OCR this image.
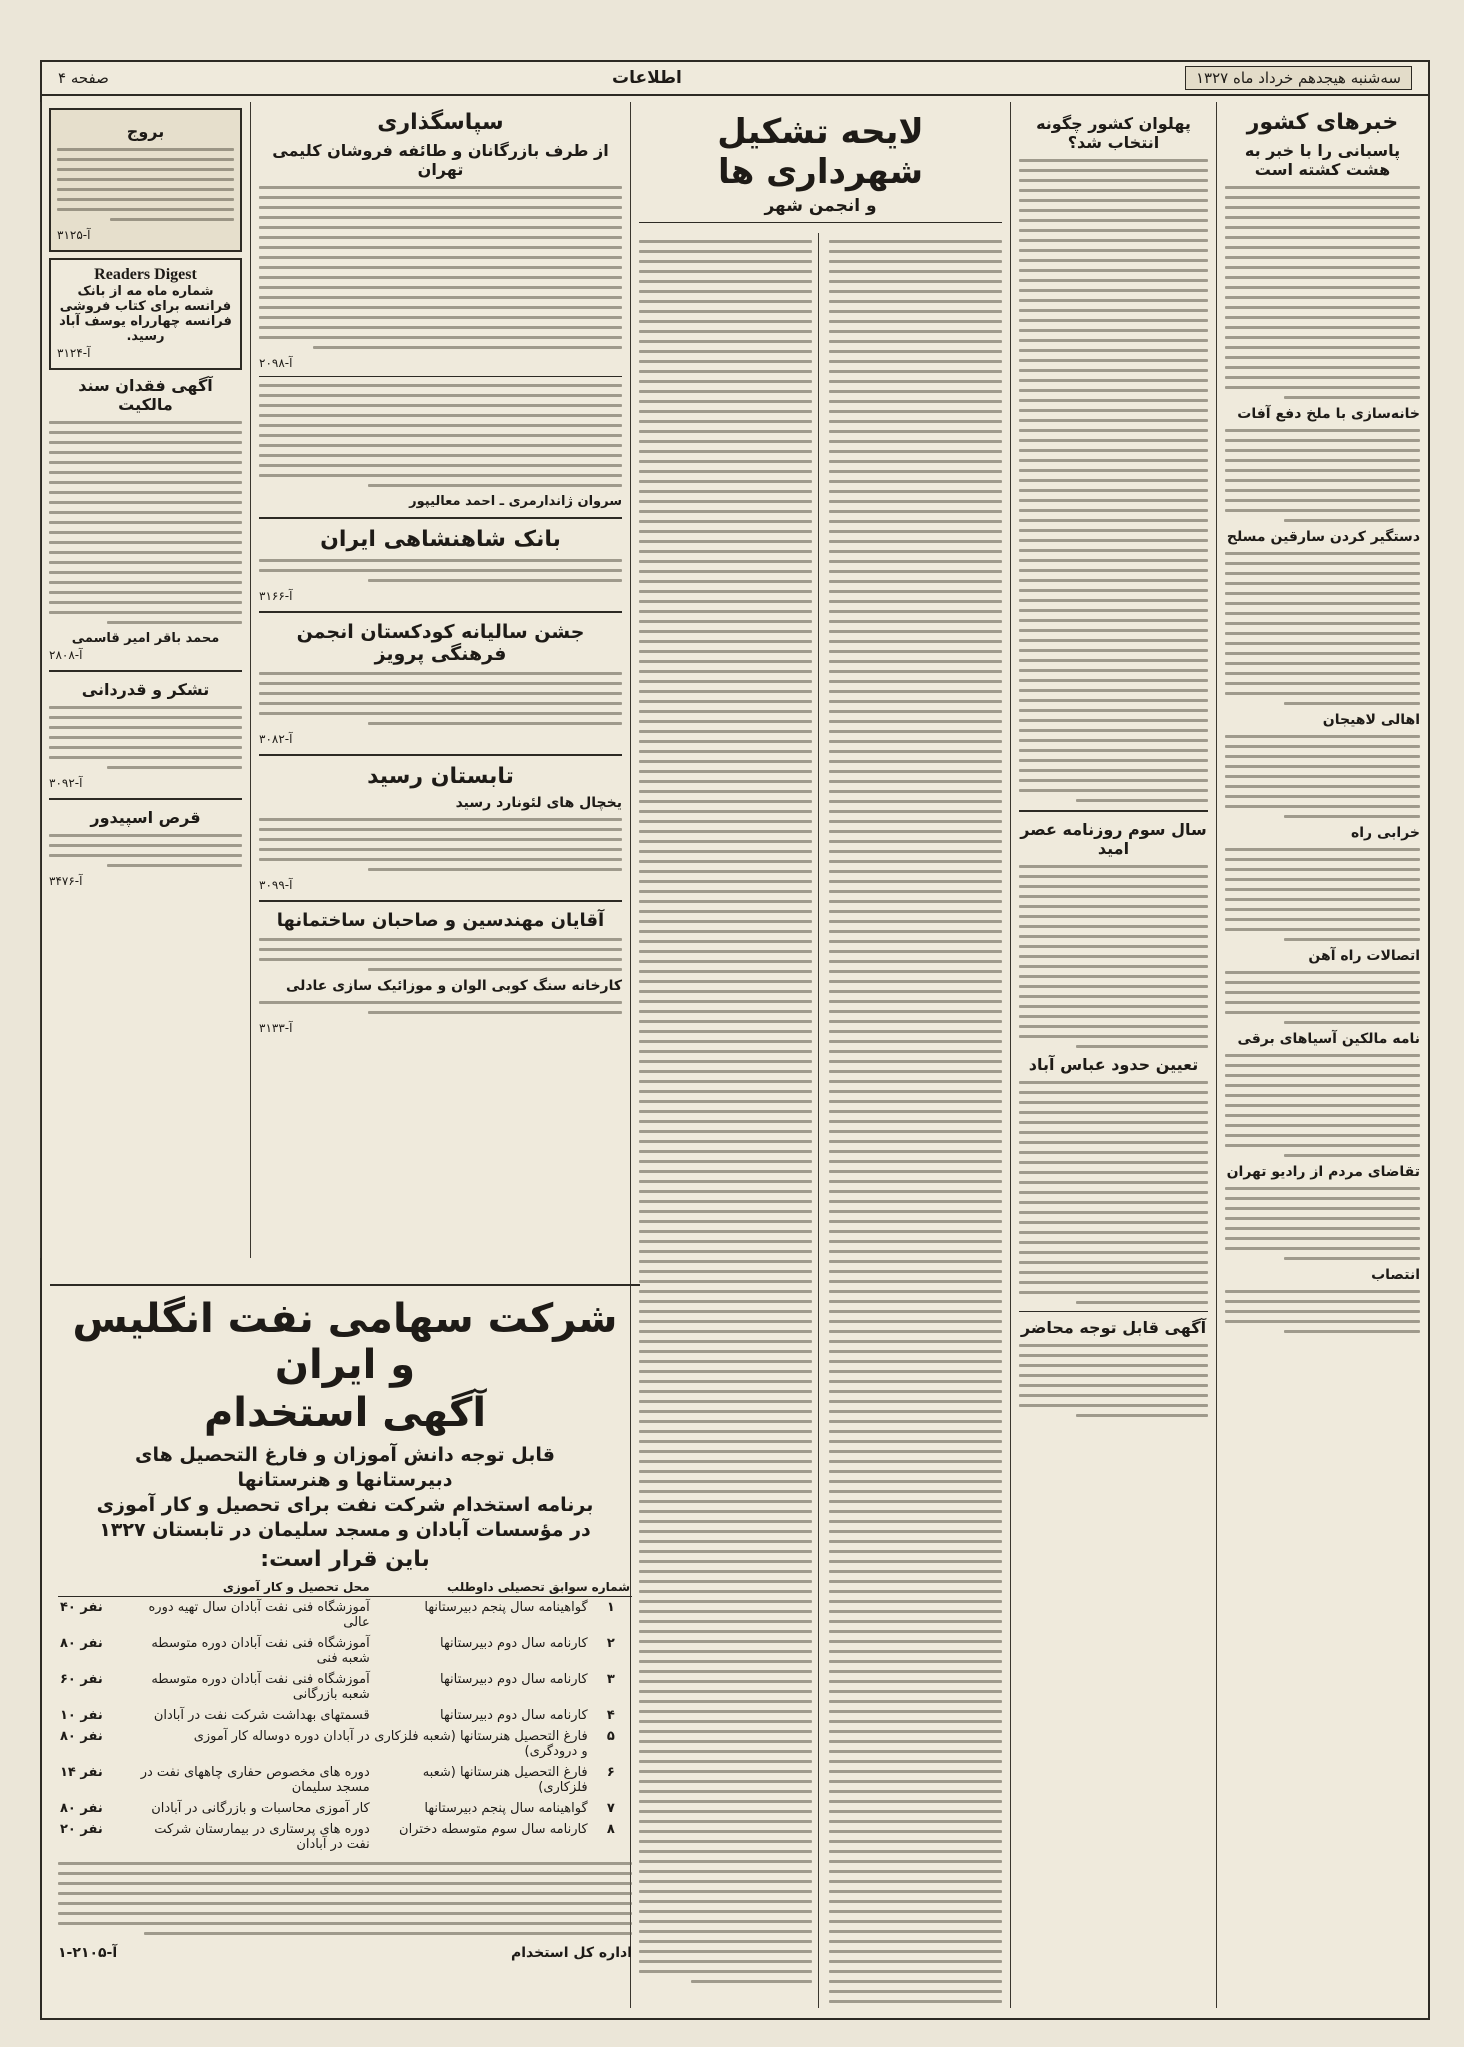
صفحه ۴	اطلاعات	سه‌شنبه هیجدهم خرداد ماه ۱۳۲۷
خبرهای کشور
پاسبانی را با خبر به هشت کشته است
خانه‌سازی با ملخ دفع آفات
دستگیر کردن سارقین مسلح
اهالی لاهیجان
خرابی راه
اتصالات راه آهن
نامه مالکین آسیاهای برقی
تقاضای مردم از رادیو تهران
انتصاب
پهلوان کشور چگونه انتخاب شد؟
سال سوم روزنامه عصر امید
تعیین حدود عباس آباد
آگهی قابل توجه محاضر
لایحه تشکیل شهرداری ها
و انجمن شهر
سپاسگذاری
از طرف بازرگانان و طائفه فروشان کلیمی تهران
آ-۲۰۹۸
سروان ژاندارمری ـ احمد معالیپور
بانک شاهنشاهی ایران
آ-۳۱۶۶
جشن سالیانه کودکستان انجمن فرهنگی پرویز
آ-۳۰۸۲
تابستان رسید
یخچال های لئونارد رسید
آ-۳۰۹۹
آقایان مهندسین و صاحبان ساختمانها
کارخانه سنگ کوبی الوان و موزائیک سازی عادلی
آ-۳۱۳۳
بروج
آ-۳۱۲۵
Readers Digest
شماره ماه مه از بانک فرانسه برای کتاب فروشی فرانسه چهارراه یوسف آباد رسید.
آ-۳۱۲۴
آگهی فقدان سند مالکیت
محمد باقر امیر قاسمی
آ-۲۸۰۸
تشکر و قدردانی
آ-۳۰۹۲
قرص اسپیدور
آ-۳۴۷۶
شرکت سهامی نفت انگلیس و ایران
آگهی استخدام
قابل توجه دانش آموزان و فارغ التحصیل های
دبیرستانها و هنرستانها
برنامه استخدام شرکت نفت برای تحصیل و کار آموزی
در مؤسسات آبادان و مسجد سلیمان در تابستان ۱۳۲۷
باین قرار است:
شماره	سوابق تحصیلی داوطلب	محل تحصیل و کار آموزی	
۱	گواهینامه سال پنجم دبیرستانها	آموزشگاه فنی نفت آبادان سال تهیه دوره عالی	۴۰ نفر
۲	کارنامه سال دوم دبیرستانها	آموزشگاه فنی نفت آبادان دوره متوسطه شعبه فنی	۸۰ نفر
۳	کارنامه سال دوم دبیرستانها	آموزشگاه فنی نفت آبادان دوره متوسطه شعبه بازرگانی	۶۰ نفر
۴	کارنامه سال دوم دبیرستانها	قسمتهای بهداشت شرکت نفت در آبادان	۱۰ نفر
۵	فارغ التحصیل هنرستانها (شعبه فلزکاری و درودگری)	در آبادان دوره دوساله کار آموزی	۸۰ نفر
۶	فارغ التحصیل هنرستانها (شعبه فلزکاری)	دوره های مخصوص حفاری چاههای نفت در مسجد سلیمان	۱۴ نفر
۷	گواهینامه سال پنجم دبیرستانها	کار آموزی محاسبات و بازرگانی در آبادان	۸۰ نفر
۸	کارنامه سال سوم متوسطه دختران	دوره های پرستاری در بیمارستان شرکت نفت در آبادان	۲۰ نفر
اداره کل استخدام
آ-۲۱۰۵-۱
